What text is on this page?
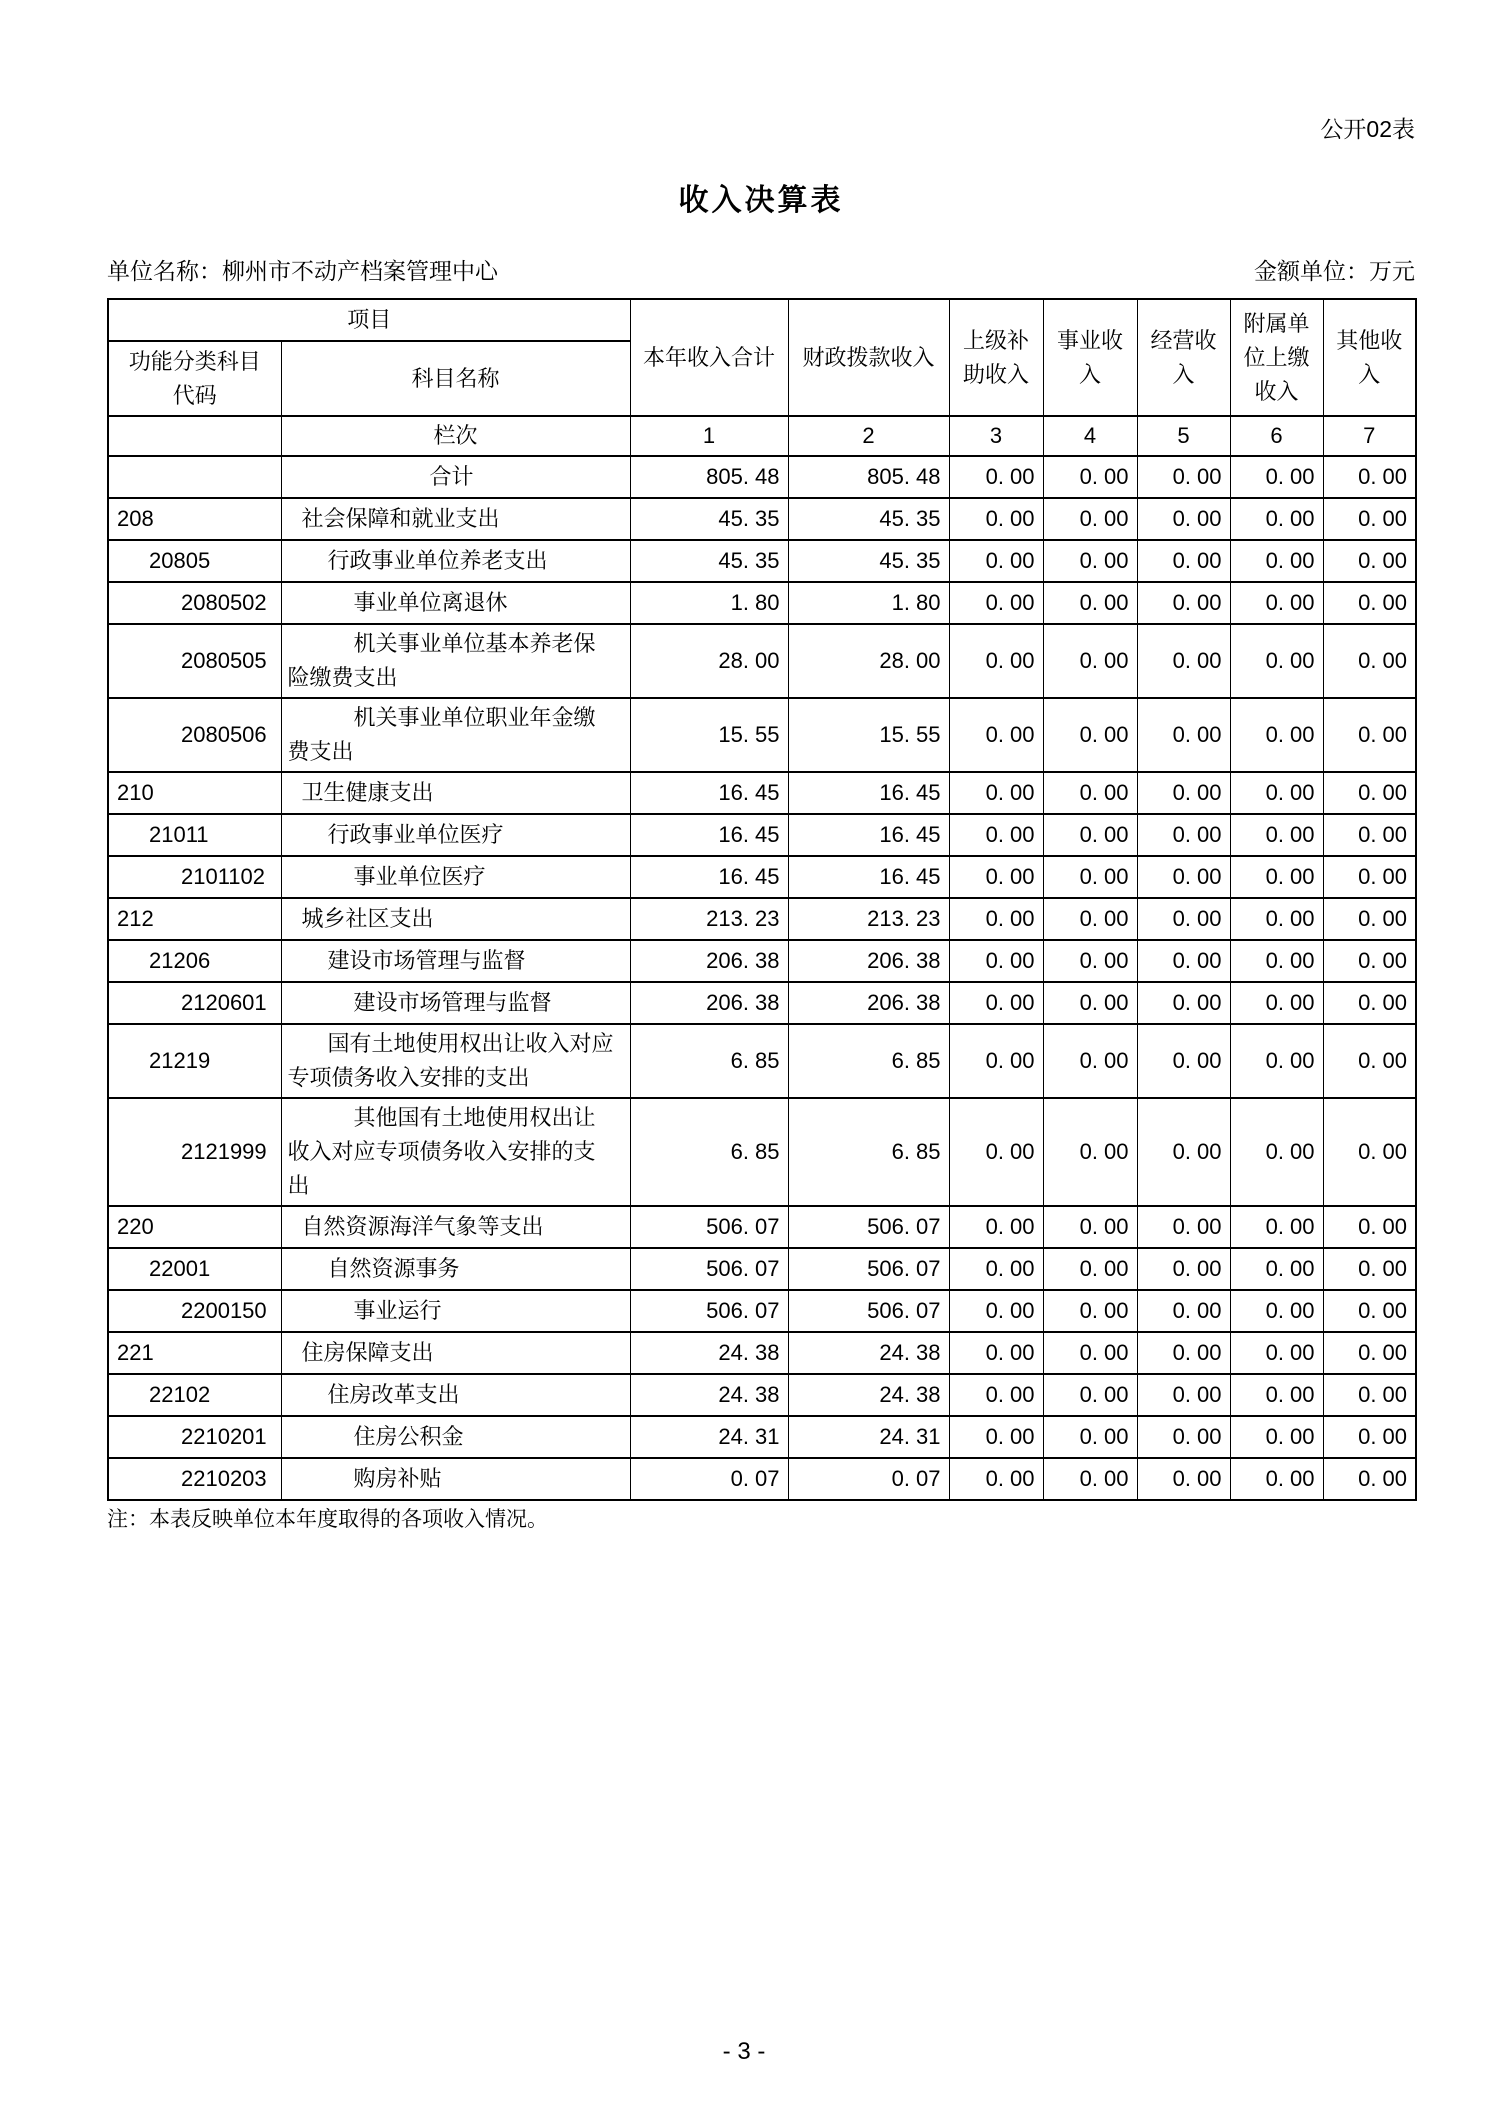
公开02表
收入决算表
单位名称：柳州市不动产档案管理中心	金额单位：万元
项目		本年收入合计	财政拨款收入	上级补助收入	事业收入	经营收入	附属单位上缴收入	其他收入
功能分类科目代码	科目名称							
	栏次	1	2	3	4	5	6	7
	合计	805. 48	805. 48	0. 00	0. 00	0. 00	0. 00	0. 00
208	社会保障和就业支出	45. 35	45. 35	0. 00	0. 00	0. 00	0. 00	0. 00
20805	行政事业单位养老支出	45. 35	45. 35	0. 00	0. 00	0. 00	0. 00	0. 00
2080502	事业单位离退休	1. 80	1. 80	0. 00	0. 00	0. 00	0. 00	0. 00
2080505	机关事业单位基本养老保险缴费支出	28. 00	28. 00	0. 00	0. 00	0. 00	0. 00	0. 00
2080506	机关事业单位职业年金缴费支出	15. 55	15. 55	0. 00	0. 00	0. 00	0. 00	0. 00
210	卫生健康支出	16. 45	16. 45	0. 00	0. 00	0. 00	0. 00	0. 00
21011	行政事业单位医疗	16. 45	16. 45	0. 00	0. 00	0. 00	0. 00	0. 00
2101102	事业单位医疗	16. 45	16. 45	0. 00	0. 00	0. 00	0. 00	0. 00
212	城乡社区支出	213. 23	213. 23	0. 00	0. 00	0. 00	0. 00	0. 00
21206	建设市场管理与监督	206. 38	206. 38	0. 00	0. 00	0. 00	0. 00	0. 00
2120601	建设市场管理与监督	206. 38	206. 38	0. 00	0. 00	0. 00	0. 00	0. 00
21219	国有土地使用权出让收入对应专项债务收入安排的支出	6. 85	6. 85	0. 00	0. 00	0. 00	0. 00	0. 00
2121999	其他国有土地使用权出让收入对应专项债务收入安排的支出	6. 85	6. 85	0. 00	0. 00	0. 00	0. 00	0. 00
220	自然资源海洋气象等支出	506. 07	506. 07	0. 00	0. 00	0. 00	0. 00	0. 00
22001	自然资源事务	506. 07	506. 07	0. 00	0. 00	0. 00	0. 00	0. 00
2200150	事业运行	506. 07	506. 07	0. 00	0. 00	0. 00	0. 00	0. 00
221	住房保障支出	24. 38	24. 38	0. 00	0. 00	0. 00	0. 00	0. 00
22102	住房改革支出	24. 38	24. 38	0. 00	0. 00	0. 00	0. 00	0. 00
2210201	住房公积金	24. 31	24. 31	0. 00	0. 00	0. 00	0. 00	0. 00
2210203	购房补贴	0. 07	0. 07	0. 00	0. 00	0. 00	0. 00	0. 00
注：本表反映单位本年度取得的各项收入情况。
- 3 -
